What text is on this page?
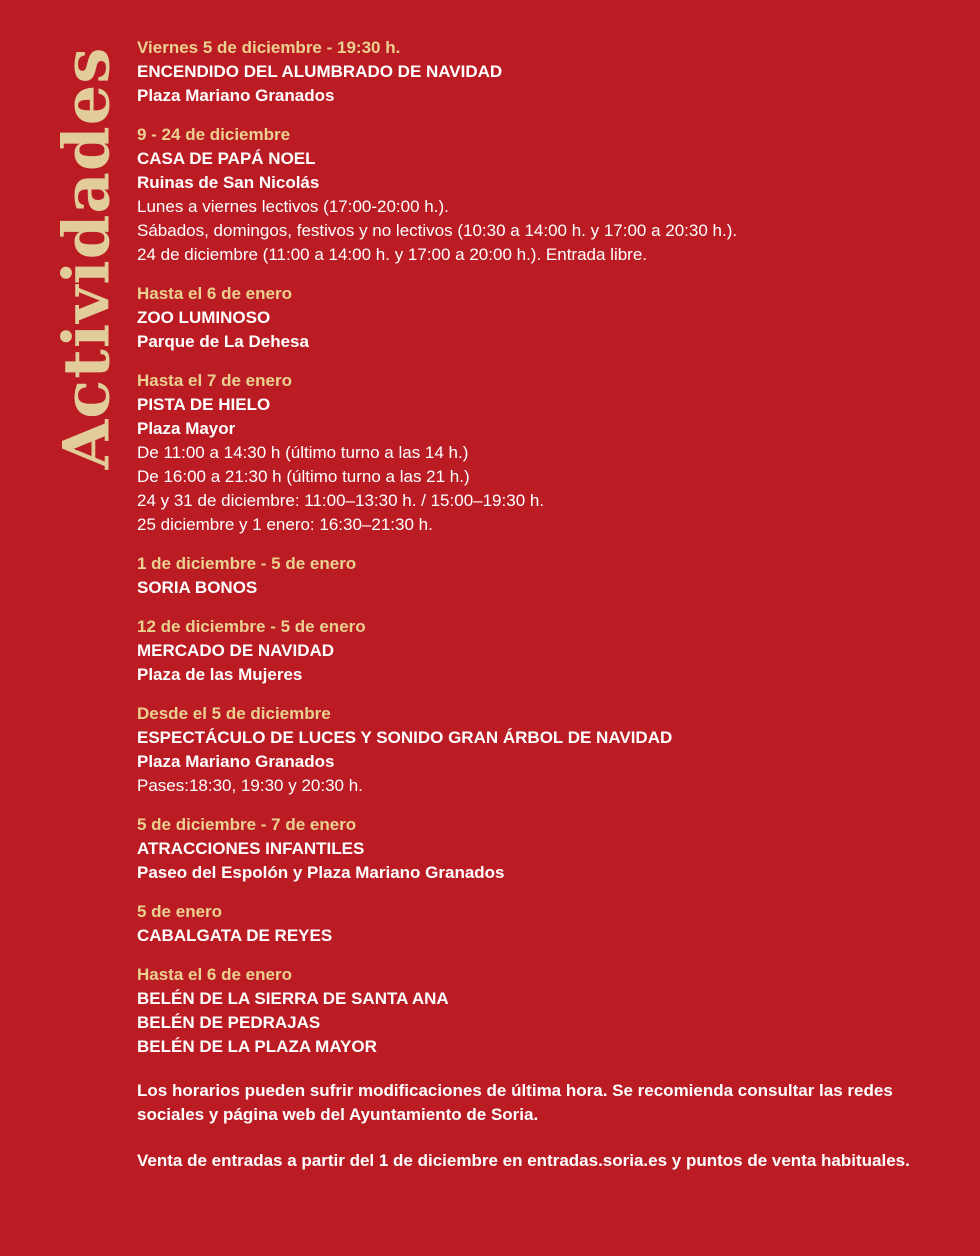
Actividades Viernes 5 de diciembre - 19:30 h.
ENCENDIDO DEL ALUMBRADO DE NAVIDAD
Plaza Mariano Granados
9 - 24 de diciembre
CASA DE PAPÁ NOEL
Ruinas de San Nicolás
Lunes a viernes lectivos (17:00-20:00 h.).
Sábados, domingos, festivos y no lectivos (10:30 a 14:00 h. y 17:00 a 20:30 h.).
24 de diciembre (11:00 a 14:00 h. y 17:00 a 20:00 h.). Entrada libre.
Hasta el 6 de enero
ZOO LUMINOSO
Parque de La Dehesa
Hasta el 7 de enero
PISTA DE HIELO
Plaza Mayor
De 11:00 a 14:30 h (último turno a las 14 h.)
De 16:00 a 21:30 h (último turno a las 21 h.)
24 y 31 de diciembre: 11:00–13:30 h. / 15:00–19:30 h.
25 diciembre y 1 enero: 16:30–21:30 h.
1 de diciembre - 5 de enero
SORIA BONOS
12 de diciembre - 5 de enero
MERCADO DE NAVIDAD
Plaza de las Mujeres
Desde el 5 de diciembre
ESPECTÁCULO DE LUCES Y SONIDO GRAN ÁRBOL DE NAVIDAD
Plaza Mariano Granados
Pases:18:30, 19:30 y 20:30 h.
5 de diciembre - 7 de enero
ATRACCIONES INFANTILES
Paseo del Espolón y Plaza Mariano Granados
5 de enero
CABALGATA DE REYES
Hasta el 6 de enero
BELÉN DE LA SIERRA DE SANTA ANA
BELÉN DE PEDRAJAS
BELÉN DE LA PLAZA MAYOR

Los horarios pueden sufrir modificaciones de última hora. Se recomienda consultar las redes sociales y página web del Ayuntamiento de Soria.

Venta de entradas a partir del 1 de diciembre en entradas.soria.es y puntos de venta habituales.
